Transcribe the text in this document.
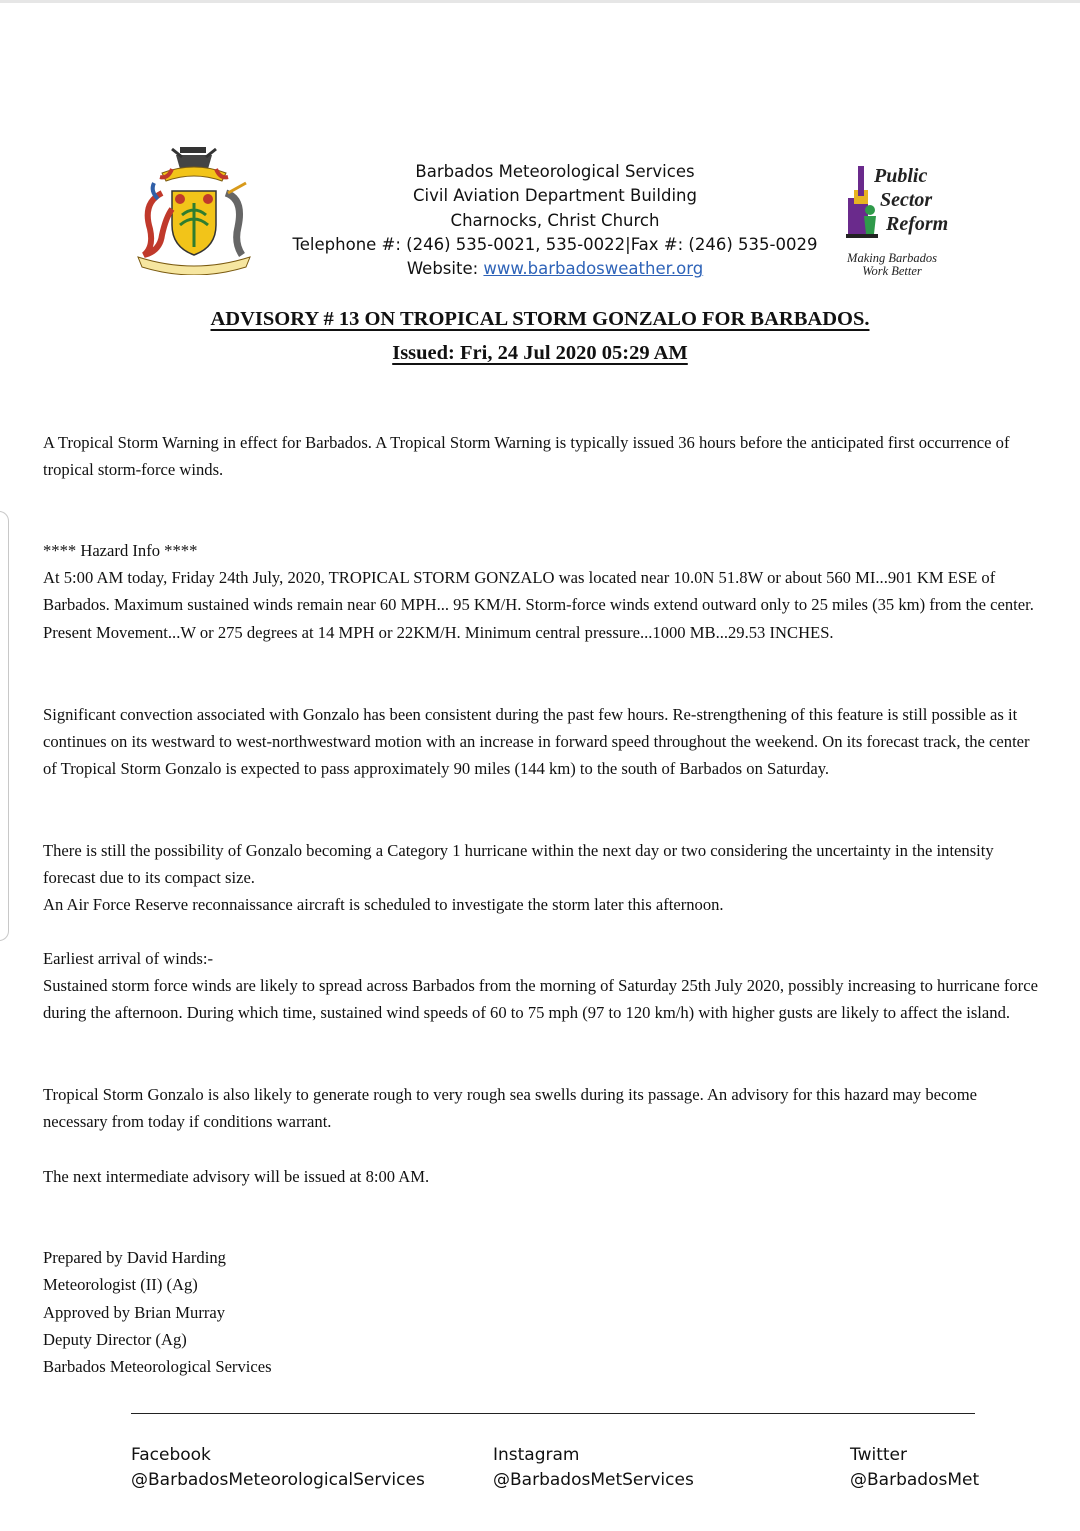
Barbados Meteorological Services
Civil Aviation Department Building
Charnocks, Christ Church
Telephone #: (246) 535-0021, 535-0022|Fax #: (246) 535-0029
Website: www.barbadosweather.org
Public
Sector
Reform
Making Barbados
Work Better
ADVISORY # 13 ON TROPICAL STORM GONZALO FOR BARBADOS.
Issued: Fri, 24 Jul 2020 05:29 AM

A Tropical Storm Warning in effect for Barbados. A Tropical Storm Warning is typically issued 36 hours before the anticipated first occurrence of tropical storm-force winds.

**** Hazard Info ****

At 5:00 AM today, Friday 24th July, 2020, TROPICAL STORM GONZALO was located near 10.0N 51.8W or about 560 MI...901 KM ESE of Barbados. Maximum sustained winds remain near 60 MPH... 95 KM/H. Storm-force winds extend outward only to 25 miles (35 km) from the center. Present Movement...W or 275 degrees at 14 MPH or 22KM/H. Minimum central pressure...1000 MB...29.53 INCHES.

Significant convection associated with Gonzalo has been consistent during the past few hours. Re-strengthening of this feature is still possible as it continues on its westward to west-northwestward motion with an increase in forward speed throughout the weekend. On its forecast track, the center of Tropical Storm Gonzalo is expected to pass approximately 90 miles (144 km) to the south of Barbados on Saturday.

There is still the possibility of Gonzalo becoming a Category 1 hurricane within the next day or two considering the uncertainty in the intensity forecast due to its compact size.

An Air Force Reserve reconnaissance aircraft is scheduled to investigate the storm later this afternoon.

Earliest arrival of winds:-

Sustained storm force winds are likely to spread across Barbados from the morning of Saturday 25th July 2020, possibly increasing to hurricane force during the afternoon. During which time, sustained wind speeds of 60 to 75 mph (97 to 120 km/h) with higher gusts are likely to affect the island.

Tropical Storm Gonzalo is also likely to generate rough to very rough sea swells during its passage. An advisory for this hazard may become necessary from today if conditions warrant.

The next intermediate advisory will be issued at 8:00 AM.

Prepared by David Harding
Meteorologist (II) (Ag)
Approved by Brian Murray
Deputy Director (Ag)
Barbados Meteorological Services
Facebook
@BarbadosMeteorologicalServices
Instagram
@BarbadosMetServices
Twitter
@BarbadosMet
